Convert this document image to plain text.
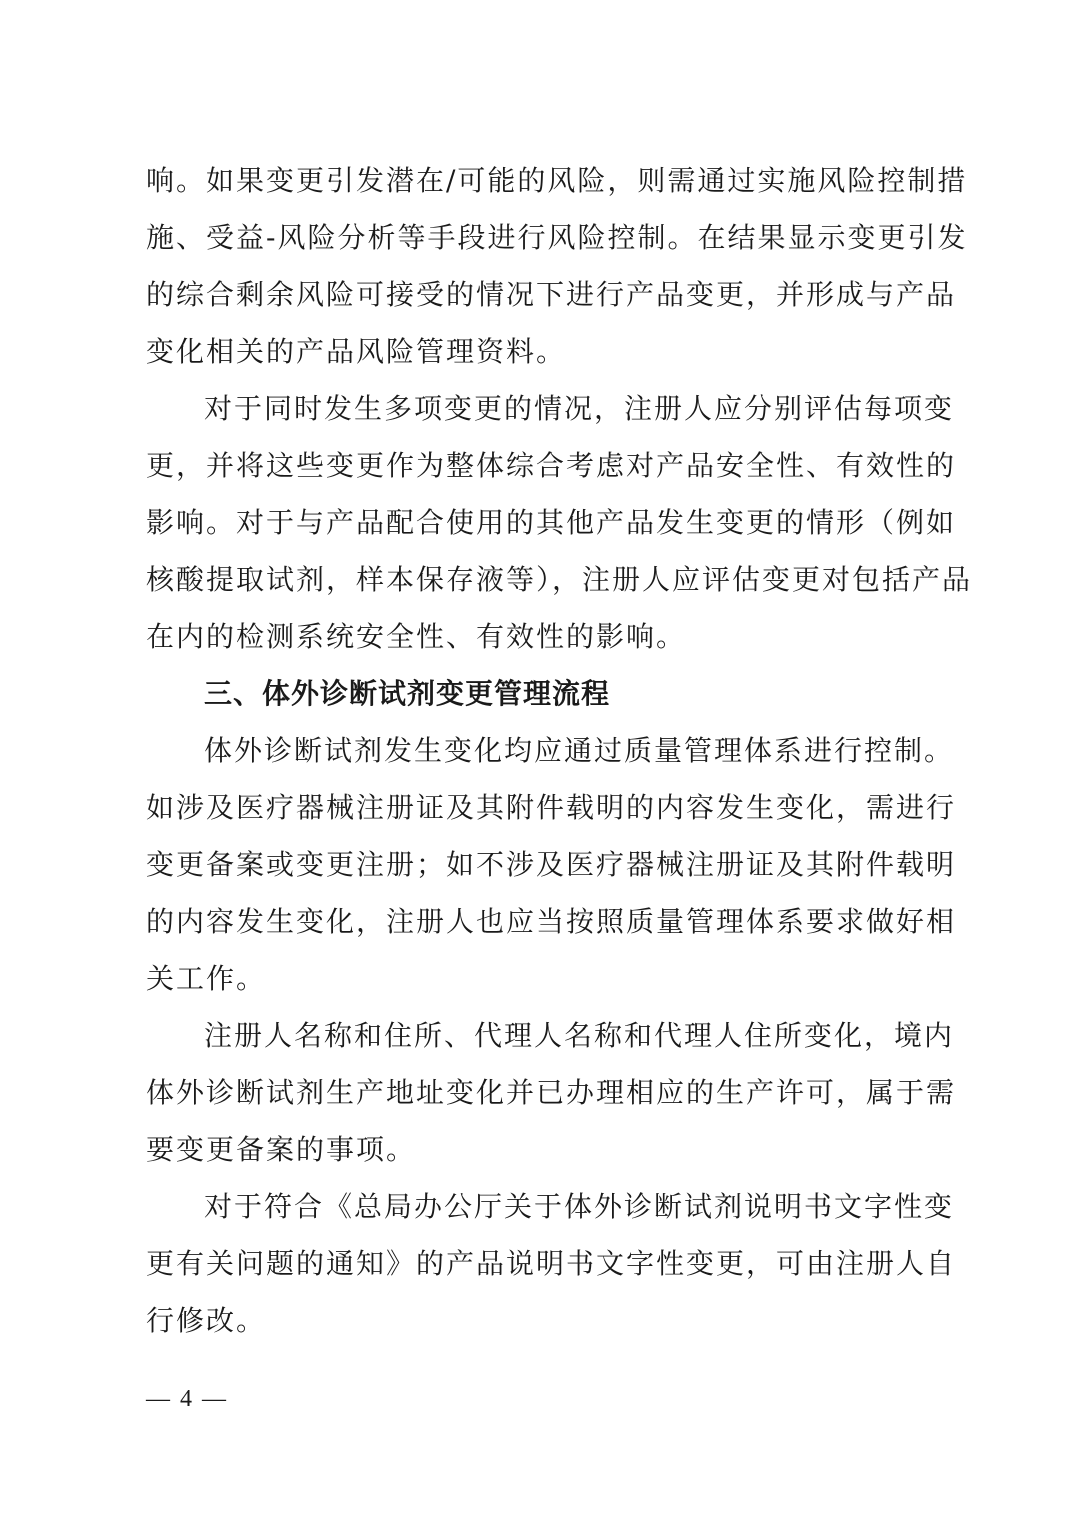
响。如果变更引发潜在/可能的风险，则需通过实施风险控制措
施、受益-风险分析等手段进行风险控制。在结果显示变更引发
的综合剩余风险可接受的情况下进行产品变更，并形成与产品
变化相关的产品风险管理资料。
对于同时发生多项变更的情况，注册人应分别评估每项变
更，并将这些变更作为整体综合考虑对产品安全性、有效性的
影响。对于与产品配合使用的其他产品发生变更的情形（例如
核酸提取试剂，样本保存液等），注册人应评估变更对包括产品
在内的检测系统安全性、有效性的影响。
三、体外诊断试剂变更管理流程
体外诊断试剂发生变化均应通过质量管理体系进行控制。
如涉及医疗器械注册证及其附件载明的内容发生变化，需进行
变更备案或变更注册；如不涉及医疗器械注册证及其附件载明
的内容发生变化，注册人也应当按照质量管理体系要求做好相
关工作。
注册人名称和住所、代理人名称和代理人住所变化，境内
体外诊断试剂生产地址变化并已办理相应的生产许可，属于需
要变更备案的事项。
对于符合《总局办公厅关于体外诊断试剂说明书文字性变
更有关问题的通知》的产品说明书文字性变更，可由注册人自
行修改。
— 4 —
